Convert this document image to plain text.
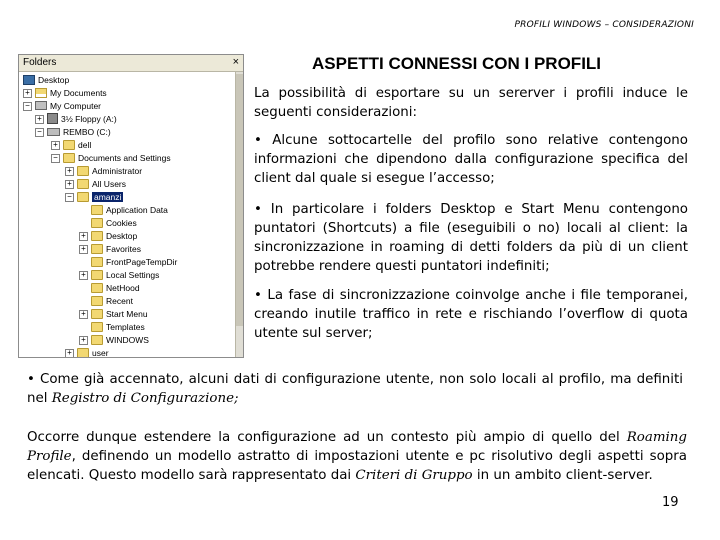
PROFILI WINDOWS – CONSIDERAZIONI
ASPETTI CONNESSI CON I PROFILI
Folders	×
Desktop
+	My Documents
−	My Computer
+	3½ Floppy (A:)
−	REMBO (C:)
+	dell
−	Documents and Settings
+	Administrator
+	All Users
−	amanzi
Application Data
Cookies
+	Desktop
+	Favorites
FrontPageTempDir
+	Local Settings
NetHood
Recent
+	Start Menu
Templates
+	WINDOWS
+	user
La possibilità di esportare su un sererver i profili induce le seguenti considerazioni:
• Alcune sottocartelle del profilo sono relative contengono informazioni che dipendono dalla configurazione specifica del client dal quale si esegue l’accesso;
• In particolare i folders Desktop e Start Menu contengono puntatori (Shortcuts) a file (eseguibili o no) locali al client: la sincronizzazione in roaming di detti folders da più di un client potrebbe rendere questi puntatori indefiniti;
• La fase di sincronizzazione coinvolge anche i file temporanei, creando inutile traffico in rete e rischiando l’overflow di quota utente sul server;
• Come già accennato, alcuni dati di configurazione utente, non solo locali al profilo, ma definiti nel Registro di Configurazione;
Occorre dunque estendere la configurazione ad un contesto più ampio di quello del Roaming Profile, definendo un modello astratto di impostazioni utente e pc risolutivo degli aspetti sopra elencati. Questo modello sarà rappresentato dai Criteri di Gruppo in un ambito client-server.
19
